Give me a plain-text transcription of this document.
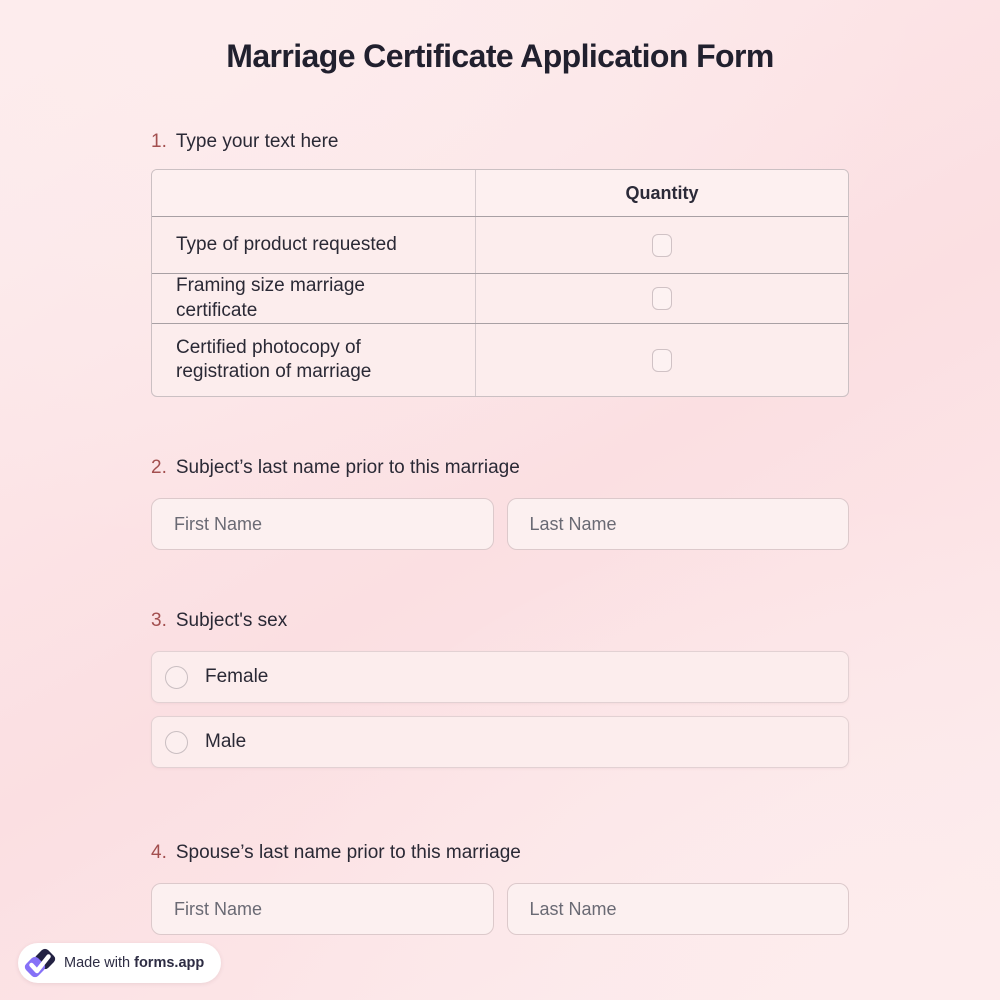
Marriage Certificate Application Form
1. Type your text here
Quantity
Type of product requested
Framing size marriage certificate
Certified photocopy of registration of marriage
2. Subject’s last name prior to this marriage
First Name
Last Name
3. Subject's sex
Female
Male
4. Spouse’s last name prior to this marriage
First Name
Last Name
Made with forms.app
